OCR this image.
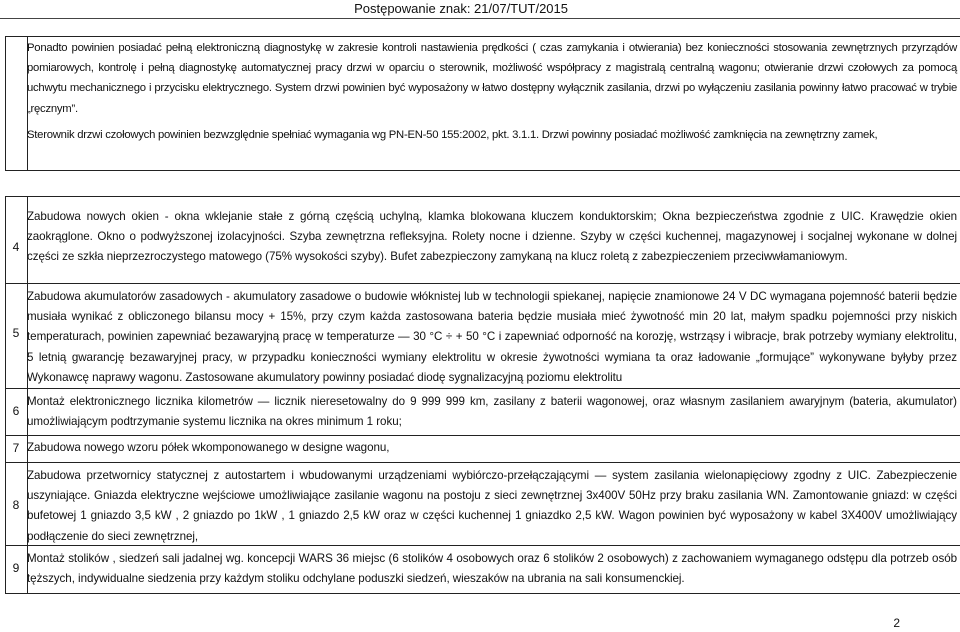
Postępowanie znak: 21/07/TUT/2015

Ponadto powinien posiadać pełną elektroniczną diagnostykę w zakresie kontroli nastawienia prędkości ( czas zamykania i otwierania) bez konieczności stosowania zewnętrznych przyrządów pomiarowych, kontrolę i pełną diagnostykę automatycznej pracy drzwi w oparciu o sterownik, możliwość współpracy z magistralą centralną wagonu; otwieranie drzwi czołowych za pomocą uchwytu mechanicznego i przycisku elektrycznego. System drzwi powinien być wyposażony w łatwo dostępny wyłącznik zasilania, drzwi po wyłączeniu zasilania powinny łatwo pracować w trybie „ręcznym”.

Sterownik drzwi czołowych powinien bezwzględnie spełniać wymagania wg PN-EN-50 155:2002, pkt. 3.1.1. Drzwi powinny posiadać możliwość zamknięcia na zewnętrzny zamek,

4
Zabudowa nowych okien - okna wklejanie stałe z górną częścią uchylną, klamka blokowana kluczem konduktorskim; Okna bezpieczeństwa zgodnie z UIC. Krawędzie okien zaokrąglone. Okno o podwyższonej izolacyjności. Szyba zewnętrzna refleksyjna. Rolety nocne i dzienne. Szyby w części kuchennej, magazynowej i socjalnej wykonane w dolnej części ze szkła nieprzezroczystego matowego (75% wysokości szyby). Bufet zabezpieczony zamykaną na klucz roletą z zabezpieczeniem przeciwwłamaniowym.
5
Zabudowa akumulatorów zasadowych - akumulatory zasadowe o budowie włóknistej lub w technologii spiekanej, napięcie znamionowe 24 V DC wymagana pojemność baterii będzie musiała wynikać z obliczonego bilansu mocy + 15%, przy czym każda zastosowana bateria będzie musiała mieć żywotność min 20 lat, małym spadku pojemności przy niskich temperaturach, powinien zapewniać bezawaryjną pracę w temperaturze — 30 °C ÷ + 50 °C i zapewniać odporność na korozję, wstrząsy i wibracje, brak potrzeby wymiany elektrolitu, 5 letnią gwarancję bezawaryjnej pracy, w przypadku konieczności wymiany elektrolitu w okresie żywotności wymiana ta oraz ładowanie „formujące” wykonywane byłyby przez Wykonawcę naprawy wagonu. Zastosowane akumulatory powinny posiadać diodę sygnalizacyjną poziomu elektrolitu
6
Montaż elektronicznego licznika kilometrów — licznik nieresetowalny do 9 999 999 km, zasilany z baterii wagonowej, oraz własnym zasilaniem awaryjnym (bateria, akumulator) umożliwiającym podtrzymanie systemu licznika na okres minimum 1 roku;
7 Zabudowa nowego wzoru półek wkomponowanego w designe wagonu,
8
Zabudowa przetwornicy statycznej z autostartem i wbudowanymi urządzeniami wybiórczo-przełączającymi — system zasilania wielonapięciowy zgodny z UIC. Zabezpieczenie uszyniające. Gniazda elektryczne wejściowe umożliwiające zasilanie wagonu na postoju z sieci zewnętrznej 3x400V 50Hz przy braku zasilania WN. Zamontowanie gniazd: w części bufetowej 1 gniazdo 3,5 kW , 2 gniazdo po 1kW , 1 gniazdo 2,5 kW oraz w części kuchennej 1 gniazdko 2,5 kW. Wagon powinien być wyposażony w kabel 3X400V umożliwiający podłączenie do sieci zewnętrznej,
9
Montaż stolików , siedzeń sali jadalnej wg. koncepcji WARS 36 miejsc (6 stolików 4 osobowych oraz 6 stolików 2 osobowych) z zachowaniem wymaganego odstępu dla potrzeb osób tęższych, indywidualne siedzenia przy każdym stoliku odchylane poduszki siedzeń, wieszaków na ubrania na sali konsumenckiej.
2
